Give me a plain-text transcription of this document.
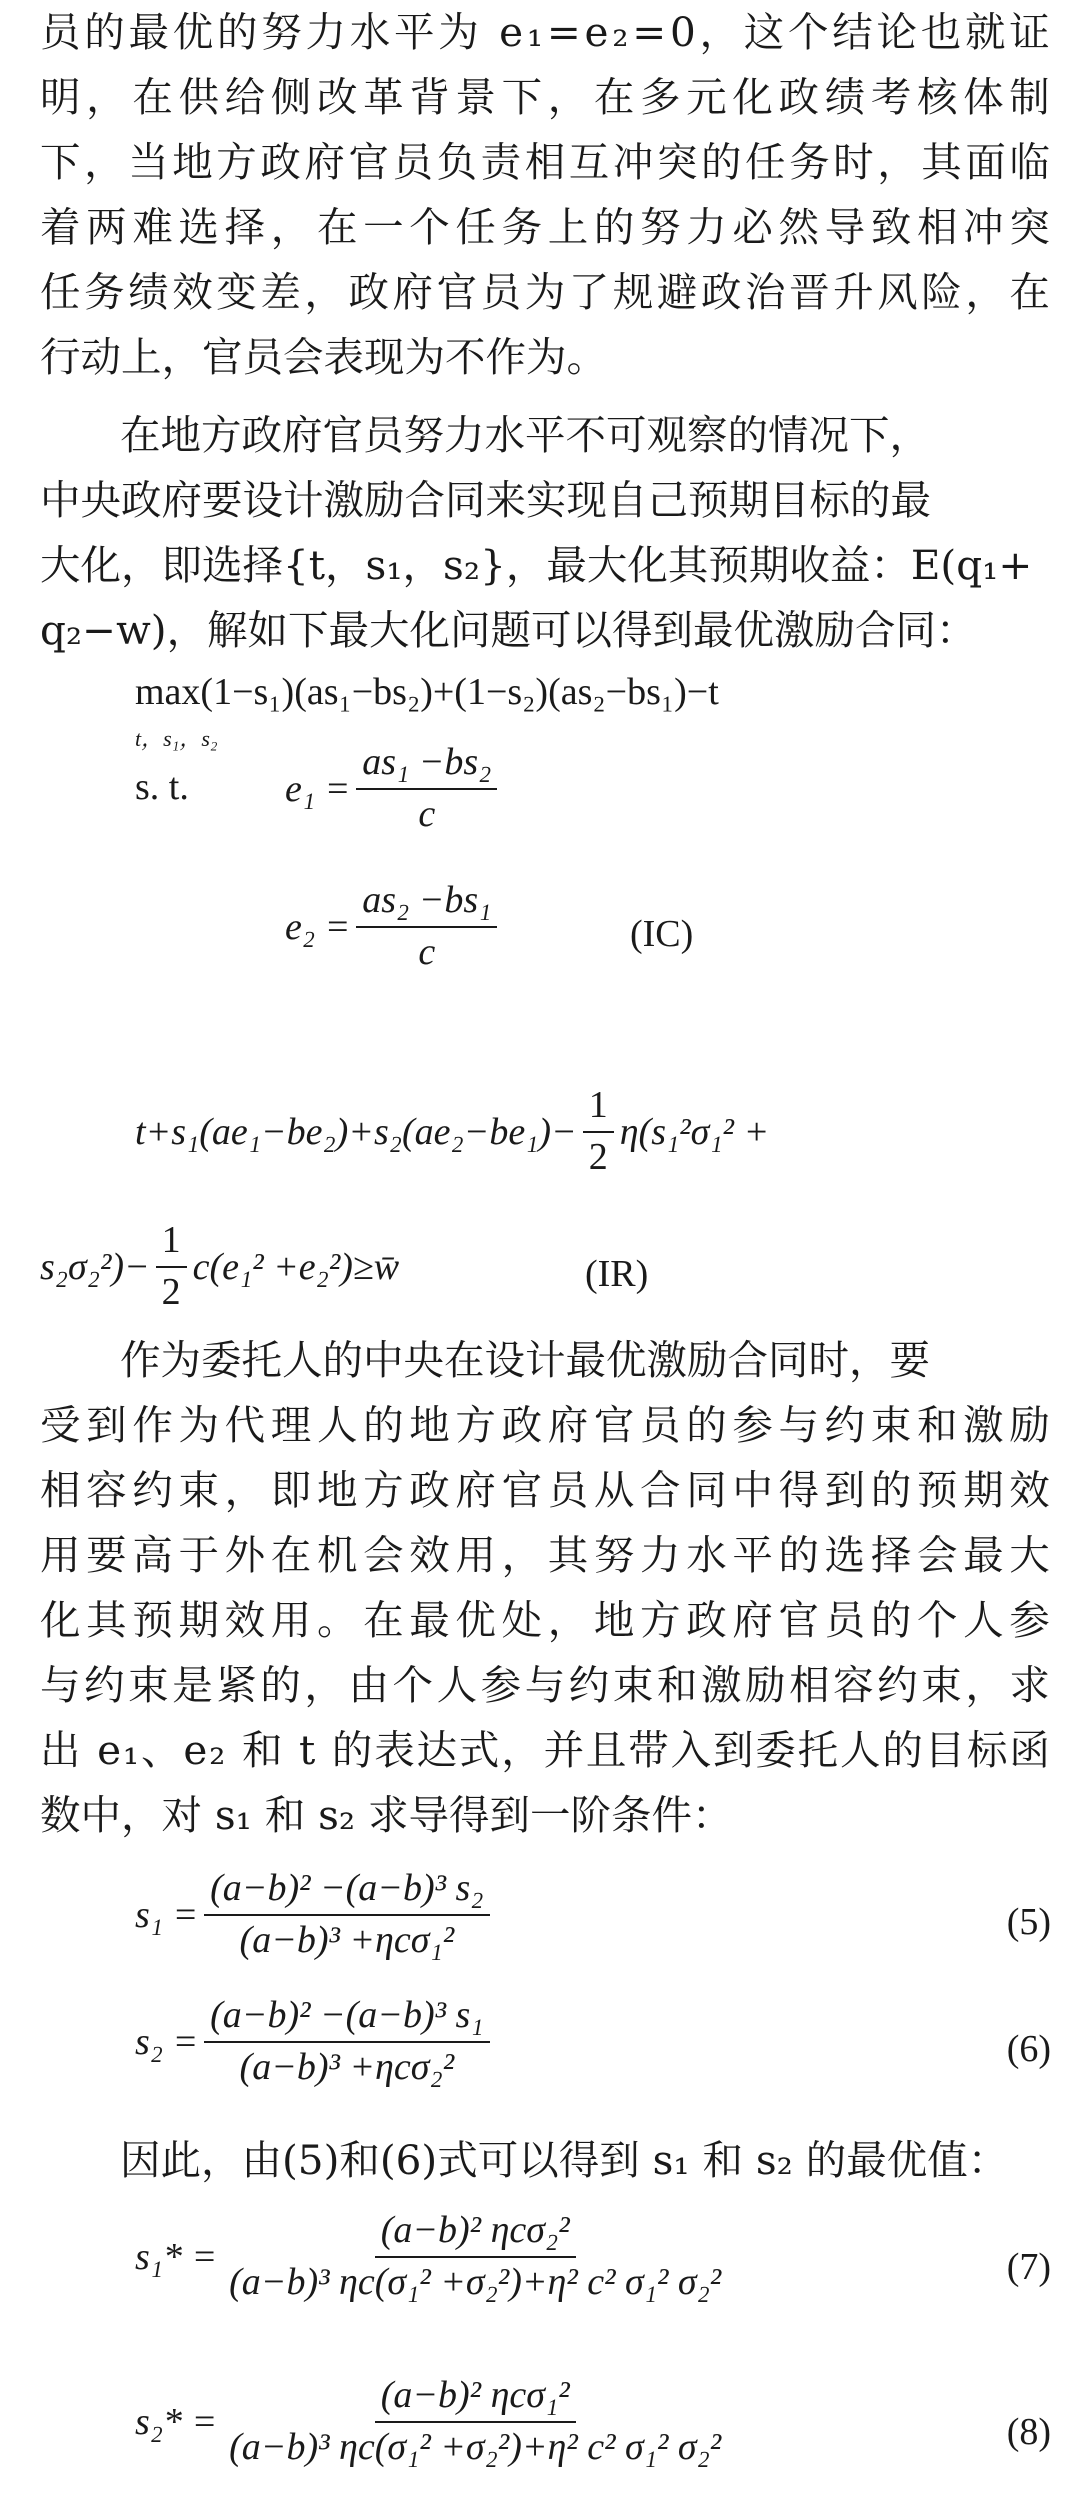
员 的 最 优 的 努 力 水 平 为
e ₁ = e ₂ = 0 ， 这 个 结 论 也 就 证
明 ， 在 供 给 侧 改 革 背 景 下 ， 在 多 元 化 政 绩 考 核 体 制
下 ， 当 地 方 政 府 官 员 负 责 相 互 冲 突 的 任 务 时 ， 其 面 临
着 两 难 选 择 ， 在 一 个 任 务 上 的 努 力 必 然 导 致 相 冲 突
任 务 绩 效 变 差 ， 政 府 官 员 为 了 规 避 政 治 晋 升 风 险 ， 在
行动上，官员会表现为不作为。
在地方政府官员努力水平不可观察的情况下，
中央政府要设计激励合同来实现自己预期目标的最
大化，即选择{t，s₁，s₂}，最大化其预期收益：E(q₁+
q₂−w)，解如下最大化问题可以得到最优激励合同：
max(1−s₁)(as₁−bs₂)+(1−s₂)(as₂−bs₁)−t
t，s₁，s₂
s. t.	$e_1 = \frac{\text{as₁ −bs₂}}{c}$
$e_2 = \frac{\text{as₂ −bs₁}}{c}$	(IC)
$t+s_1(ae_1-be_2)+s_2(ae_2-be_1)- \frac{1}{2} \eta(s_1^2\sigma_1^2$ +
$s_2\sigma_2^2)- \frac{1}{2} c(e_1^2$ +e₂²)≥w̄	(IR)
作为委托人的中央在设计最优激励合同时，要
受 到 作 为 代 理 人 的 地 方 政 府 官 员 的 参 与 约 束 和 激 励
相 容 约 束 ， 即 地 方 政 府 官 员 从 合 同 中 得 到 的 预 期 效
用 要 高 于 外 在 机 会 效 用 ， 其 努 力 水 平 的 选 择 会 最 大
化 其 预 期 效 用 。 在 最 优 处 ， 地 方 政 府 官 员 的 个 人 参
与 约 束 是 紧 的 ， 由 个 人 参 与 约 束 和 激 励 相 容 约 束 ， 求
出
e ₁ 、 e ₂
和
t
的 表 达 式 ， 并 且 带 入 到 委 托 人 的 目 标 函
数中，对 s₁ 和 s₂ 求导得到一阶条件：
$s_1 = \frac{\text{(a−b)² −(a−b)³ s₂}}{\text{(a−b)³ +ηcσ₁²}}$	(5)
$s_2 = \frac{\text{(a−b)² −(a−b)³ s₁}}{\text{(a−b)³ +ηcσ₂²}}$	(6)
因此，由(5)和(6)式可以得到 s₁ 和 s₂ 的最优值：
$s_1* = \frac{\text{(a−b)² ηcσ₂²}}{\text{(a−b)³ ηc(σ₁² +σ₂²)+η² c² σ₁² σ₂²}}$	(7)
$s_2* = \frac{\text{(a−b)² ηcσ₁²}}{\text{(a−b)³ ηc(σ₁² +σ₂²)+η² c² σ₁² σ₂²}}$	(8)
